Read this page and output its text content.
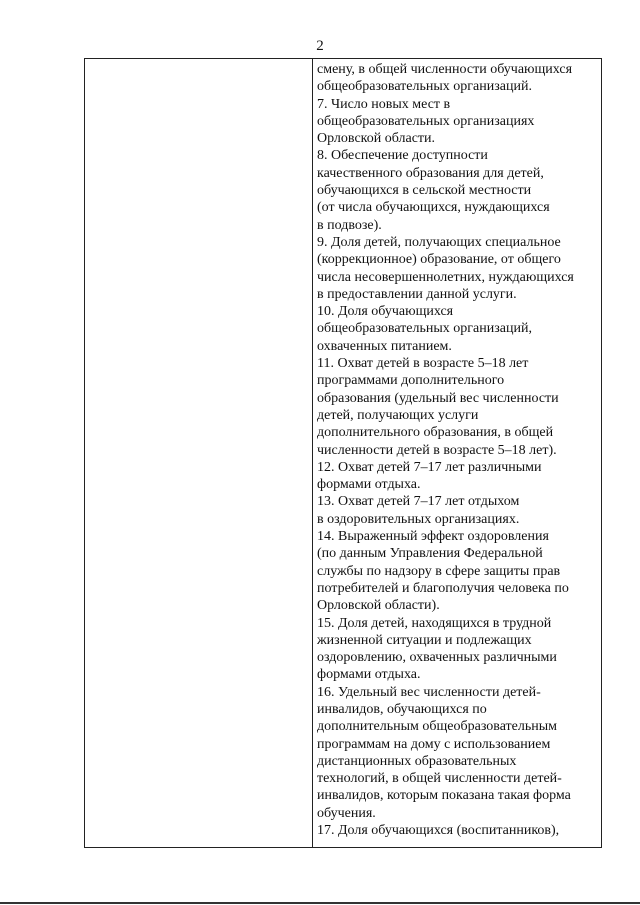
2
смену, в общей численности обучающихся
общеобразовательных организаций.
7. Число новых мест в
общеобразовательных организациях
Орловской области.
8. Обеспечение доступности
качественного образования для детей,
обучающихся в сельской местности
(от числа обучающихся, нуждающихся
в подвозе).
9. Доля детей, получающих специальное
(коррекционное) образование, от общего
числа несовершеннолетних, нуждающихся
в предоставлении данной услуги.
10. Доля обучающихся
общеобразовательных организаций,
охваченных питанием.
11. Охват детей в возрасте 5–18 лет
программами дополнительного
образования (удельный вес численности
детей, получающих услуги
дополнительного образования, в общей
численности детей в возрасте 5–18 лет).
12. Охват детей 7–17 лет различными
формами отдыха.
13. Охват детей 7–17 лет отдыхом
в оздоровительных организациях.
14. Выраженный эффект оздоровления
(по данным Управления Федеральной
службы по надзору в сфере защиты прав
потребителей и благополучия человека по
Орловской области).
15. Доля детей, находящихся в трудной
жизненной ситуации и подлежащих
оздоровлению, охваченных различными
формами отдыха.
16. Удельный вес численности детей-
инвалидов, обучающихся по
дополнительным общеобразовательным
программам на дому с использованием
дистанционных образовательных
технологий, в общей численности детей-
инвалидов, которым показана такая форма
обучения.
17. Доля обучающихся (воспитанников),
